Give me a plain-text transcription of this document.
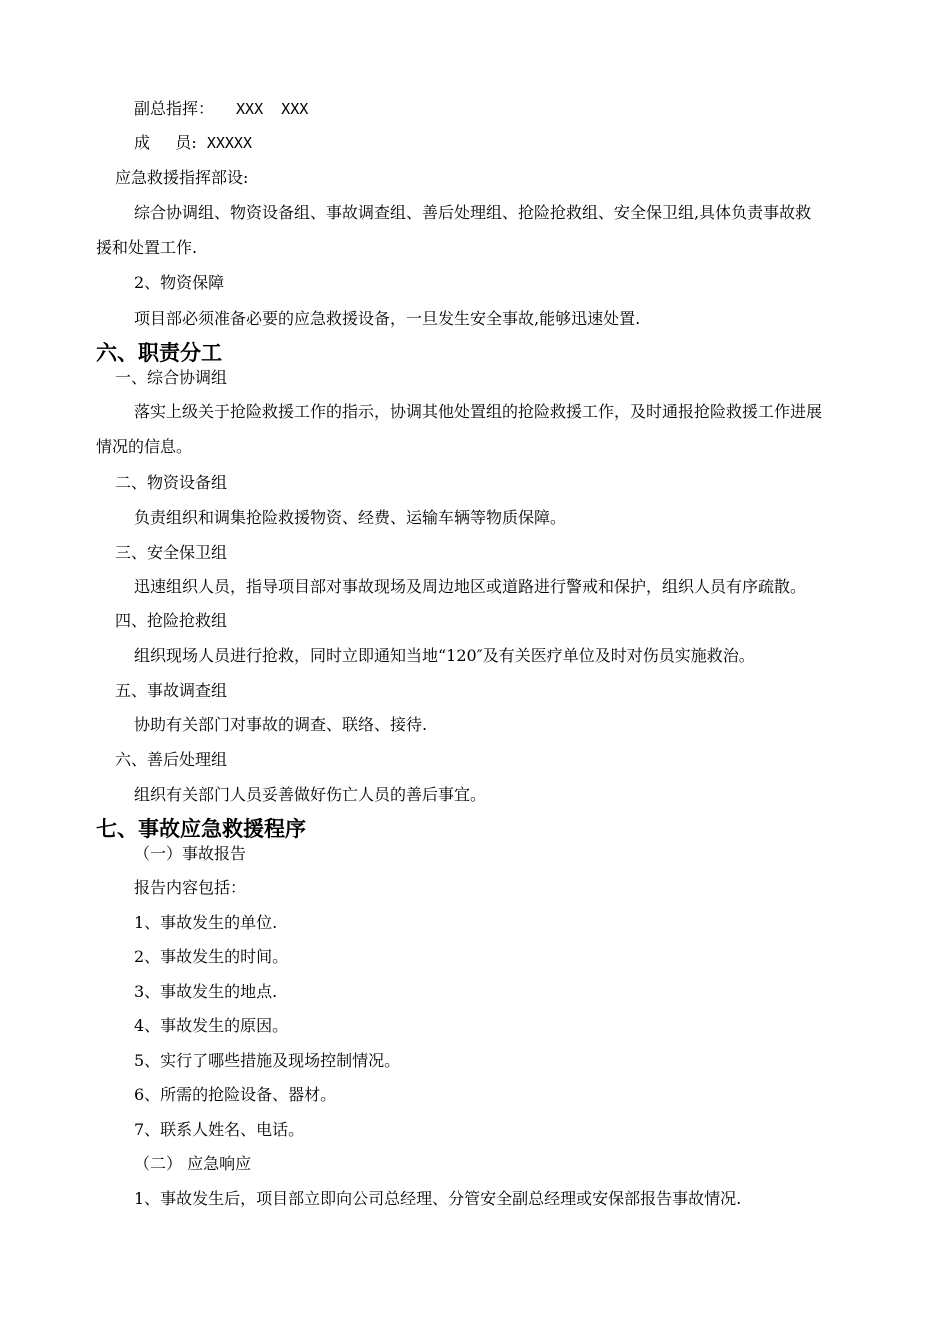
副总指挥： XXX  XXX
成     员: XXXXX
应急救援指挥部设:
综合协调组、物资设备组、事故调查组、善后处理组、抢险抢救组、安全保卫组,具体负责事故救
援和处置工作.
2、物资保障
项目部必须准备必要的应急救援设备，一旦发生安全事故,能够迅速处置.
六、职责分工
一、综合协调组
落实上级关于抢险救援工作的指示，协调其他处置组的抢险救援工作，及时通报抢险救援工作进展
情况的信息。
二、物资设备组
负责组织和调集抢险救援物资、经费、运输车辆等物质保障。
三、安全保卫组
迅速组织人员，指导项目部对事故现场及周边地区或道路进行警戒和保护，组织人员有序疏散。
四、抢险抢救组
组织现场人员进行抢救，同时立即通知当地“120″及有关医疗单位及时对伤员实施救治。
五、事故调查组
协助有关部门对事故的调查、联络、接待.
六、善后处理组
组织有关部门人员妥善做好伤亡人员的善后事宜。
七、事故应急救援程序
（一）事故报告
报告内容包括：
1、事故发生的单位.
2、事故发生的时间。
3、事故发生的地点.
4、事故发生的原因。
5、实行了哪些措施及现场控制情况。
6、所需的抢险设备、器材。
7、联系人姓名、电话。
（二） 应急响应
1、事故发生后，项目部立即向公司总经理、分管安全副总经理或安保部报告事故情况.
